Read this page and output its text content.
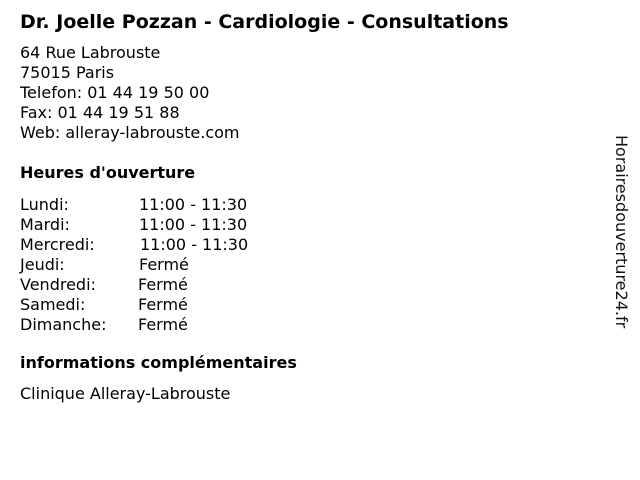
Dr. Joelle Pozzan - Cardiologie - Consultations
64 Rue Labrouste
75015 Paris
Telefon: 01 44 19 50 00
Fax: 01 44 19 51 88
Web: alleray-labrouste.com
Heures d'ouverture
Lundi:	11:00 - 11:30
Mardi:	11:00 - 11:30
Mercredi:	11:00 - 11:30
Jeudi:	Fermé
Vendredi:	Fermé
Samedi:	Fermé
Dimanche:	Fermé
informations complémentaires
Clinique Alleray-Labrouste
Horairesdouverture24.fr
